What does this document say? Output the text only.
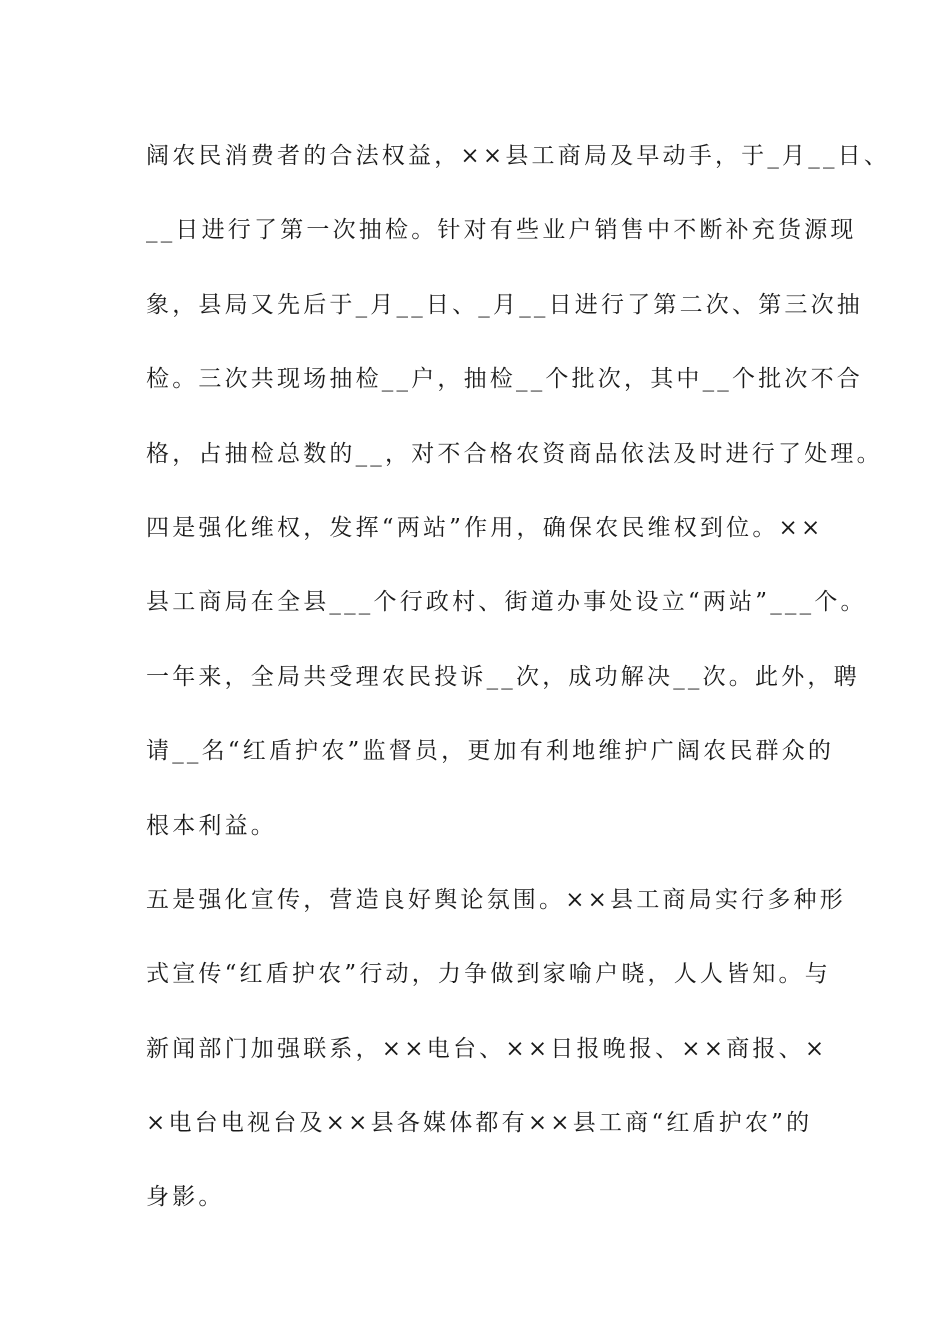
阔农民消费者的合法权益，××县工商局及早动手，于_月__日、
__日进行了第一次抽检。针对有些业户销售中不断补充货源现
象，县局又先后于_月__日、_月__日进行了第二次、第三次抽
检。三次共现场抽检__户，抽检__个批次，其中__个批次不合
格，占抽检总数的__，对不合格农资商品依法及时进行了处理。
四是强化维权，发挥“两站”作用，确保农民维权到位。××
县工商局在全县___个行政村、街道办事处设立“两站”___个。
一年来，全局共受理农民投诉__次，成功解决__次。此外，聘
请__名“红盾护农”监督员，更加有利地维护广阔农民群众的
根本利益。
五是强化宣传，营造良好舆论氛围。××县工商局实行多种形
式宣传“红盾护农”行动，力争做到家喻户晓，人人皆知。与
新闻部门加强联系，××电台、××日报晚报、××商报、×
×电台电视台及××县各媒体都有××县工商“红盾护农”的
身影。
